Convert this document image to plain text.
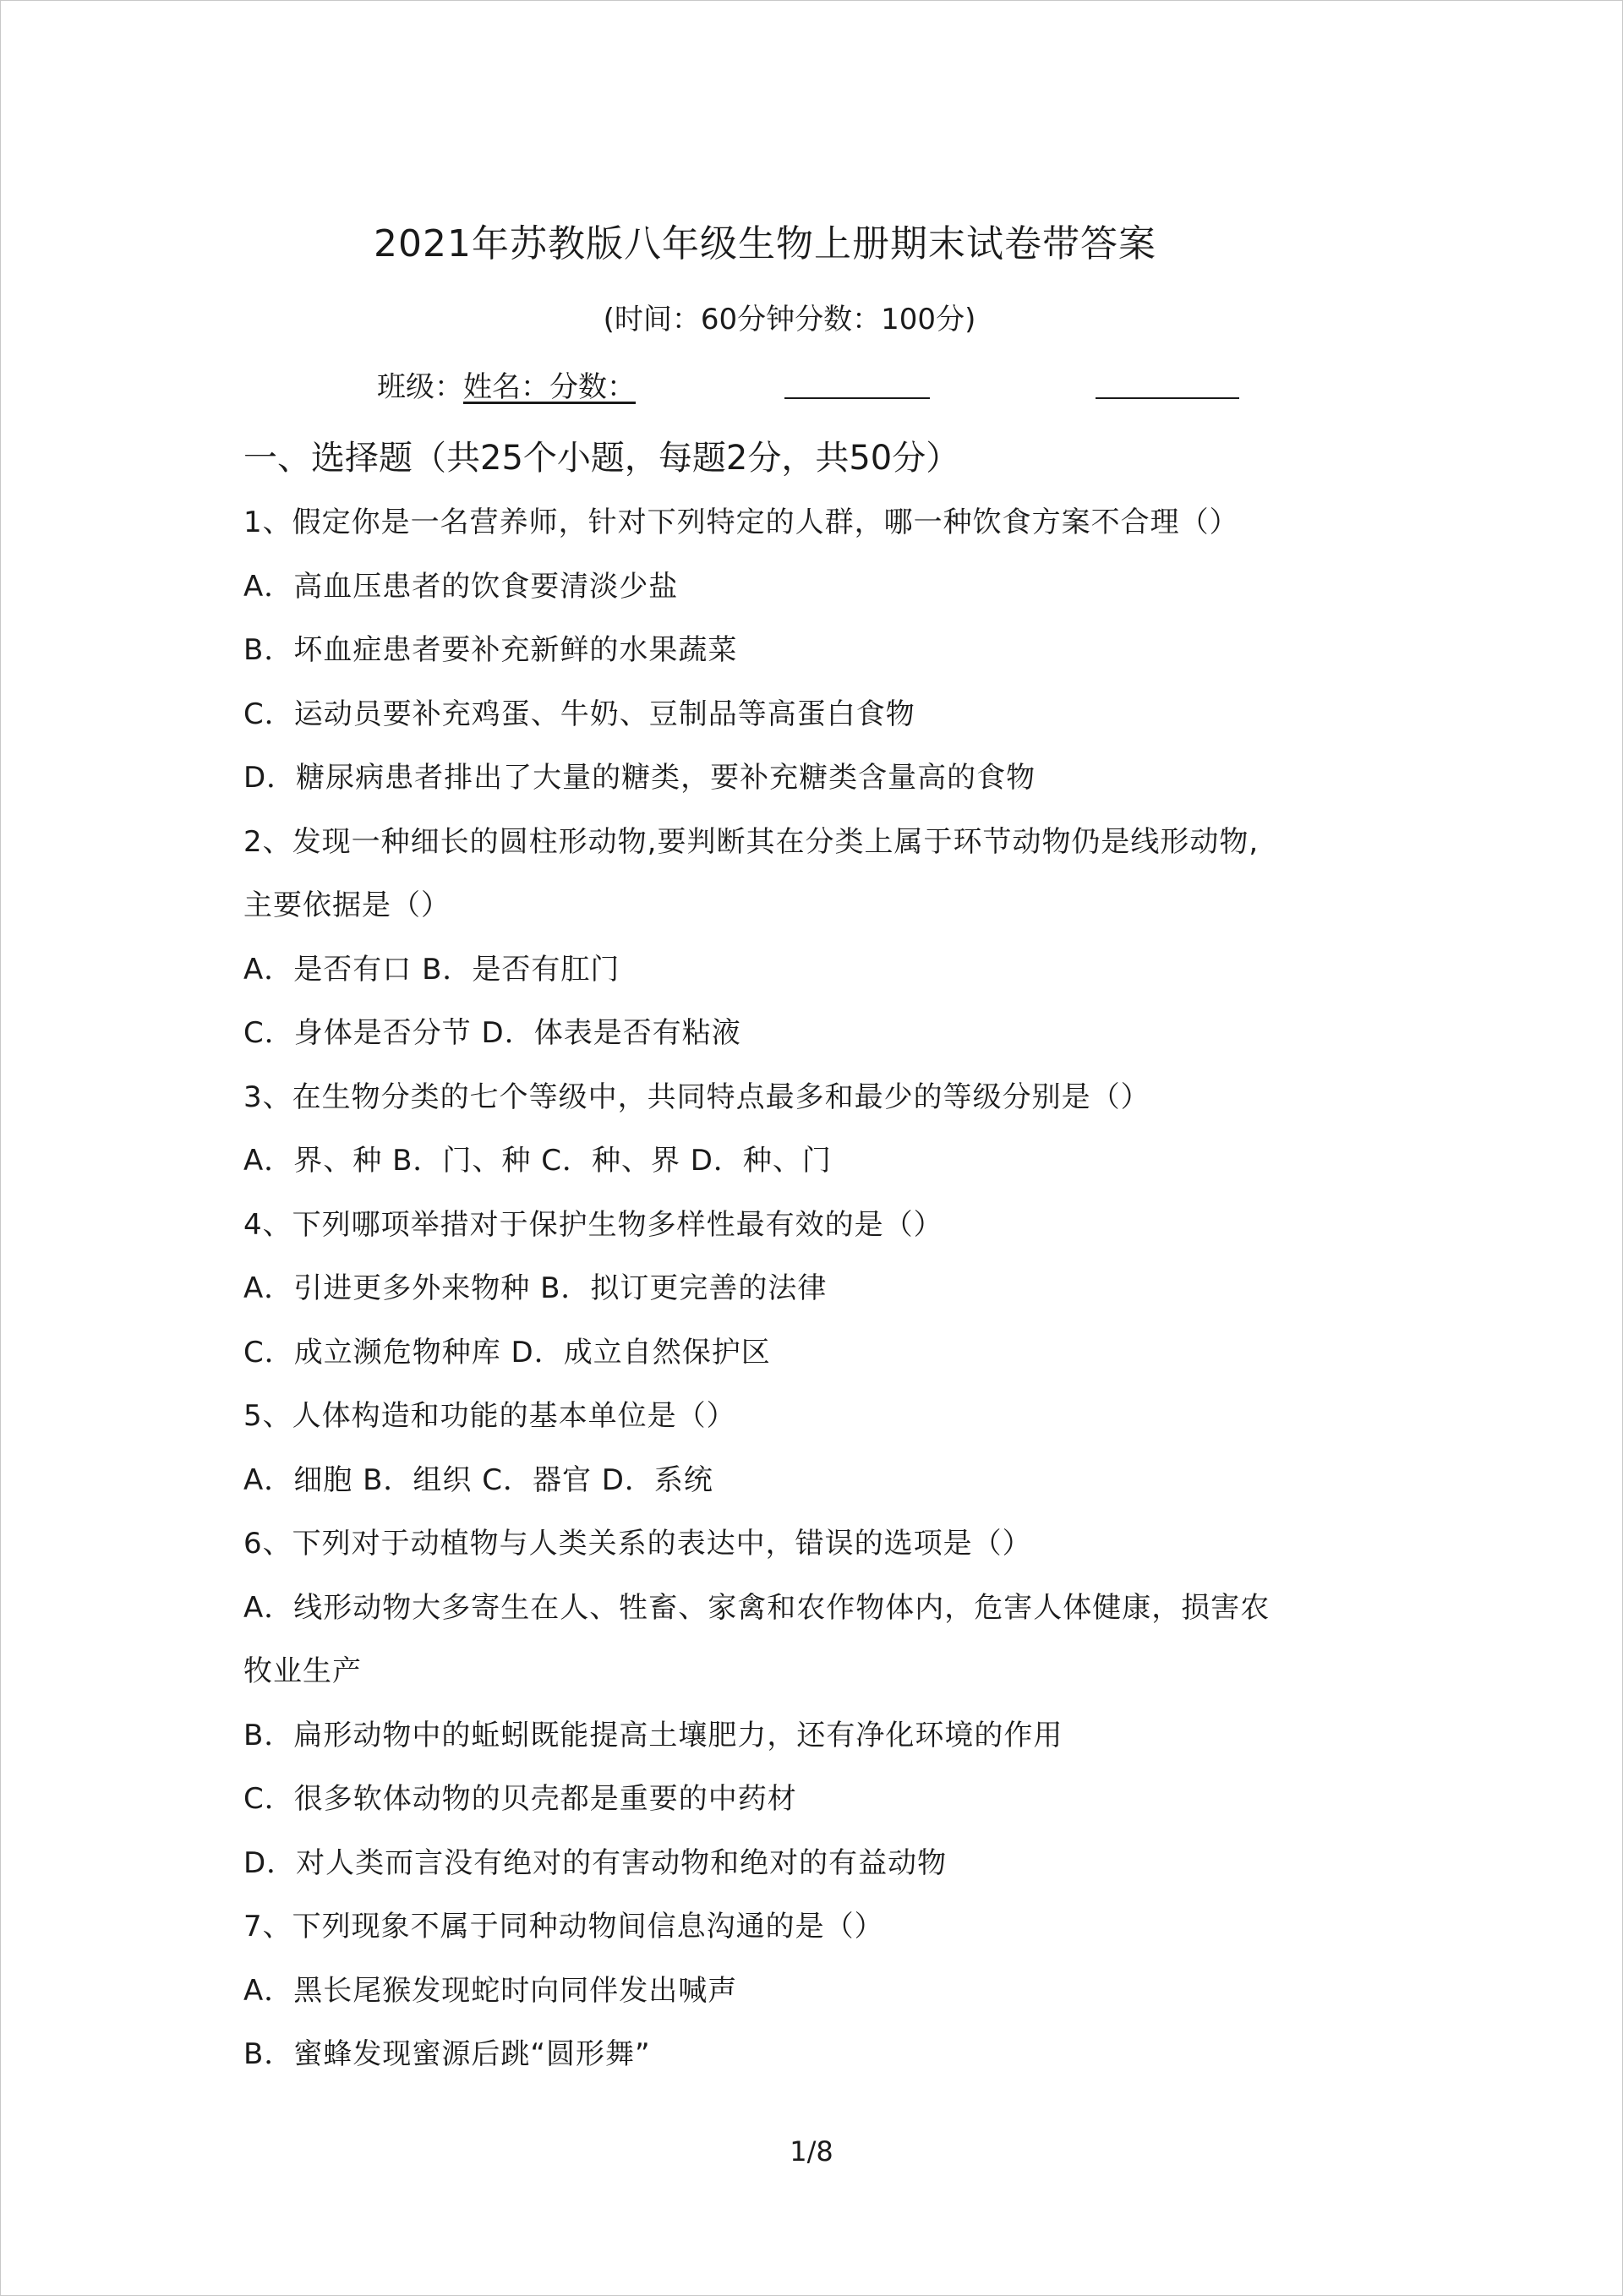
2021年苏教版八年级生物上册期末试卷带答案
(时间：60分钟分数：100分)
班级：姓名：分数：
一、选择题（共25个小题，每题2分，共50分）
1、假定你是一名营养师，针对下列特定的人群，哪一种饮食方案不合理（）
A．高血压患者的饮食要清淡少盐
B．坏血症患者要补充新鲜的水果蔬菜
C．运动员要补充鸡蛋、牛奶、豆制品等高蛋白食物
D．糖尿病患者排出了大量的糖类，要补充糖类含量高的食物
2、发现一种细长的圆柱形动物,要判断其在分类上属于环节动物仍是线形动物,
主要依据是（）
A．是否有口 B．是否有肛门
C．身体是否分节 D．体表是否有粘液
3、在生物分类的七个等级中，共同特点最多和最少的等级分别是（）
A．界、种 B．门、种 C．种、界 D．种、门
4、下列哪项举措对于保护生物多样性最有效的是（）
A．引进更多外来物种 B．拟订更完善的法律
C．成立濒危物种库 D．成立自然保护区
5、人体构造和功能的基本单位是（）
A．细胞 B．组织 C．器官 D．系统
6、下列对于动植物与人类关系的表达中，错误的选项是（）
A．线形动物大多寄生在人、牲畜、家禽和农作物体内，危害人体健康，损害农
牧业生产
B．扁形动物中的蚯蚓既能提高土壤肥力，还有净化环境的作用
C．很多软体动物的贝壳都是重要的中药材
D．对人类而言没有绝对的有害动物和绝对的有益动物
7、下列现象不属于同种动物间信息沟通的是（）
A．黑长尾猴发现蛇时向同伴发出喊声
B．蜜蜂发现蜜源后跳“圆形舞”
1/8
